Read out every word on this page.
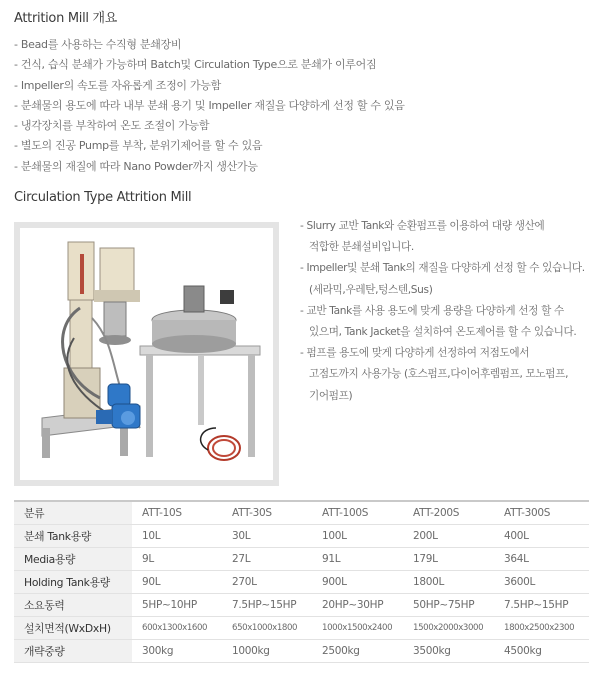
Attrition Mill 개요
- Bead를 사용하는 수직형 분쇄장비
- 건식, 습식 분쇄가 가능하며 Batch및 Circulation Type으로 분쇄가 이루어짐
- Impeller의 속도를 자유롭게 조정이 가능함
- 분쇄물의 용도에 따라 내부 분쇄 용기 및 Impeller 재질을 다양하게 선정 할 수 있음
- 냉각장치를 부착하여 온도 조절이 가능함
- 별도의 진공 Pump를 부착, 분위기제어를 할 수 있음
- 분쇄물의 재질에 따라 Nano Powder까지 생산가능
Circulation Type Attrition Mill
- Slurry 교반 Tank와 순환펌프를 이용하여 대량 생산에
적합한 분쇄설비입니다.
- Impeller및 분쇄 Tank의 재질을 다양하게 선정 할 수 있습니다.
(세라믹,우레탄,텅스텐,Sus)
- 교반 Tank를 사용 용도에 맞게 용량을 다양하게 선정 할 수
있으며, Tank Jacket을 설치하여 온도제어를 할 수 있습니다.
- 펌프를 용도에 맞게 다양하게 선정하여 저점도에서
고점도까지 사용가능 (호스펌프,다이어후렘펌프, 모노펌프,
기어펌프)
분류	ATT-10S	ATT-30S	ATT-100S	ATT-200S	ATT-300S
분쇄 Tank용량	10L	30L	100L	200L	400L
Media용량	9L	27L	91L	179L	364L
Holding Tank용량	90L	270L	900L	1800L	3600L
소요동력	5HP~10HP	7.5HP~15HP	20HP~30HP	50HP~75HP	7.5HP~15HP
설치면적(WxDxH)	600x1300x1600	650x1000x1800	1000x1500x2400	1500x2000x3000	1800x2500x2300
개략중량	300kg	1000kg	2500kg	3500kg	4500kg
